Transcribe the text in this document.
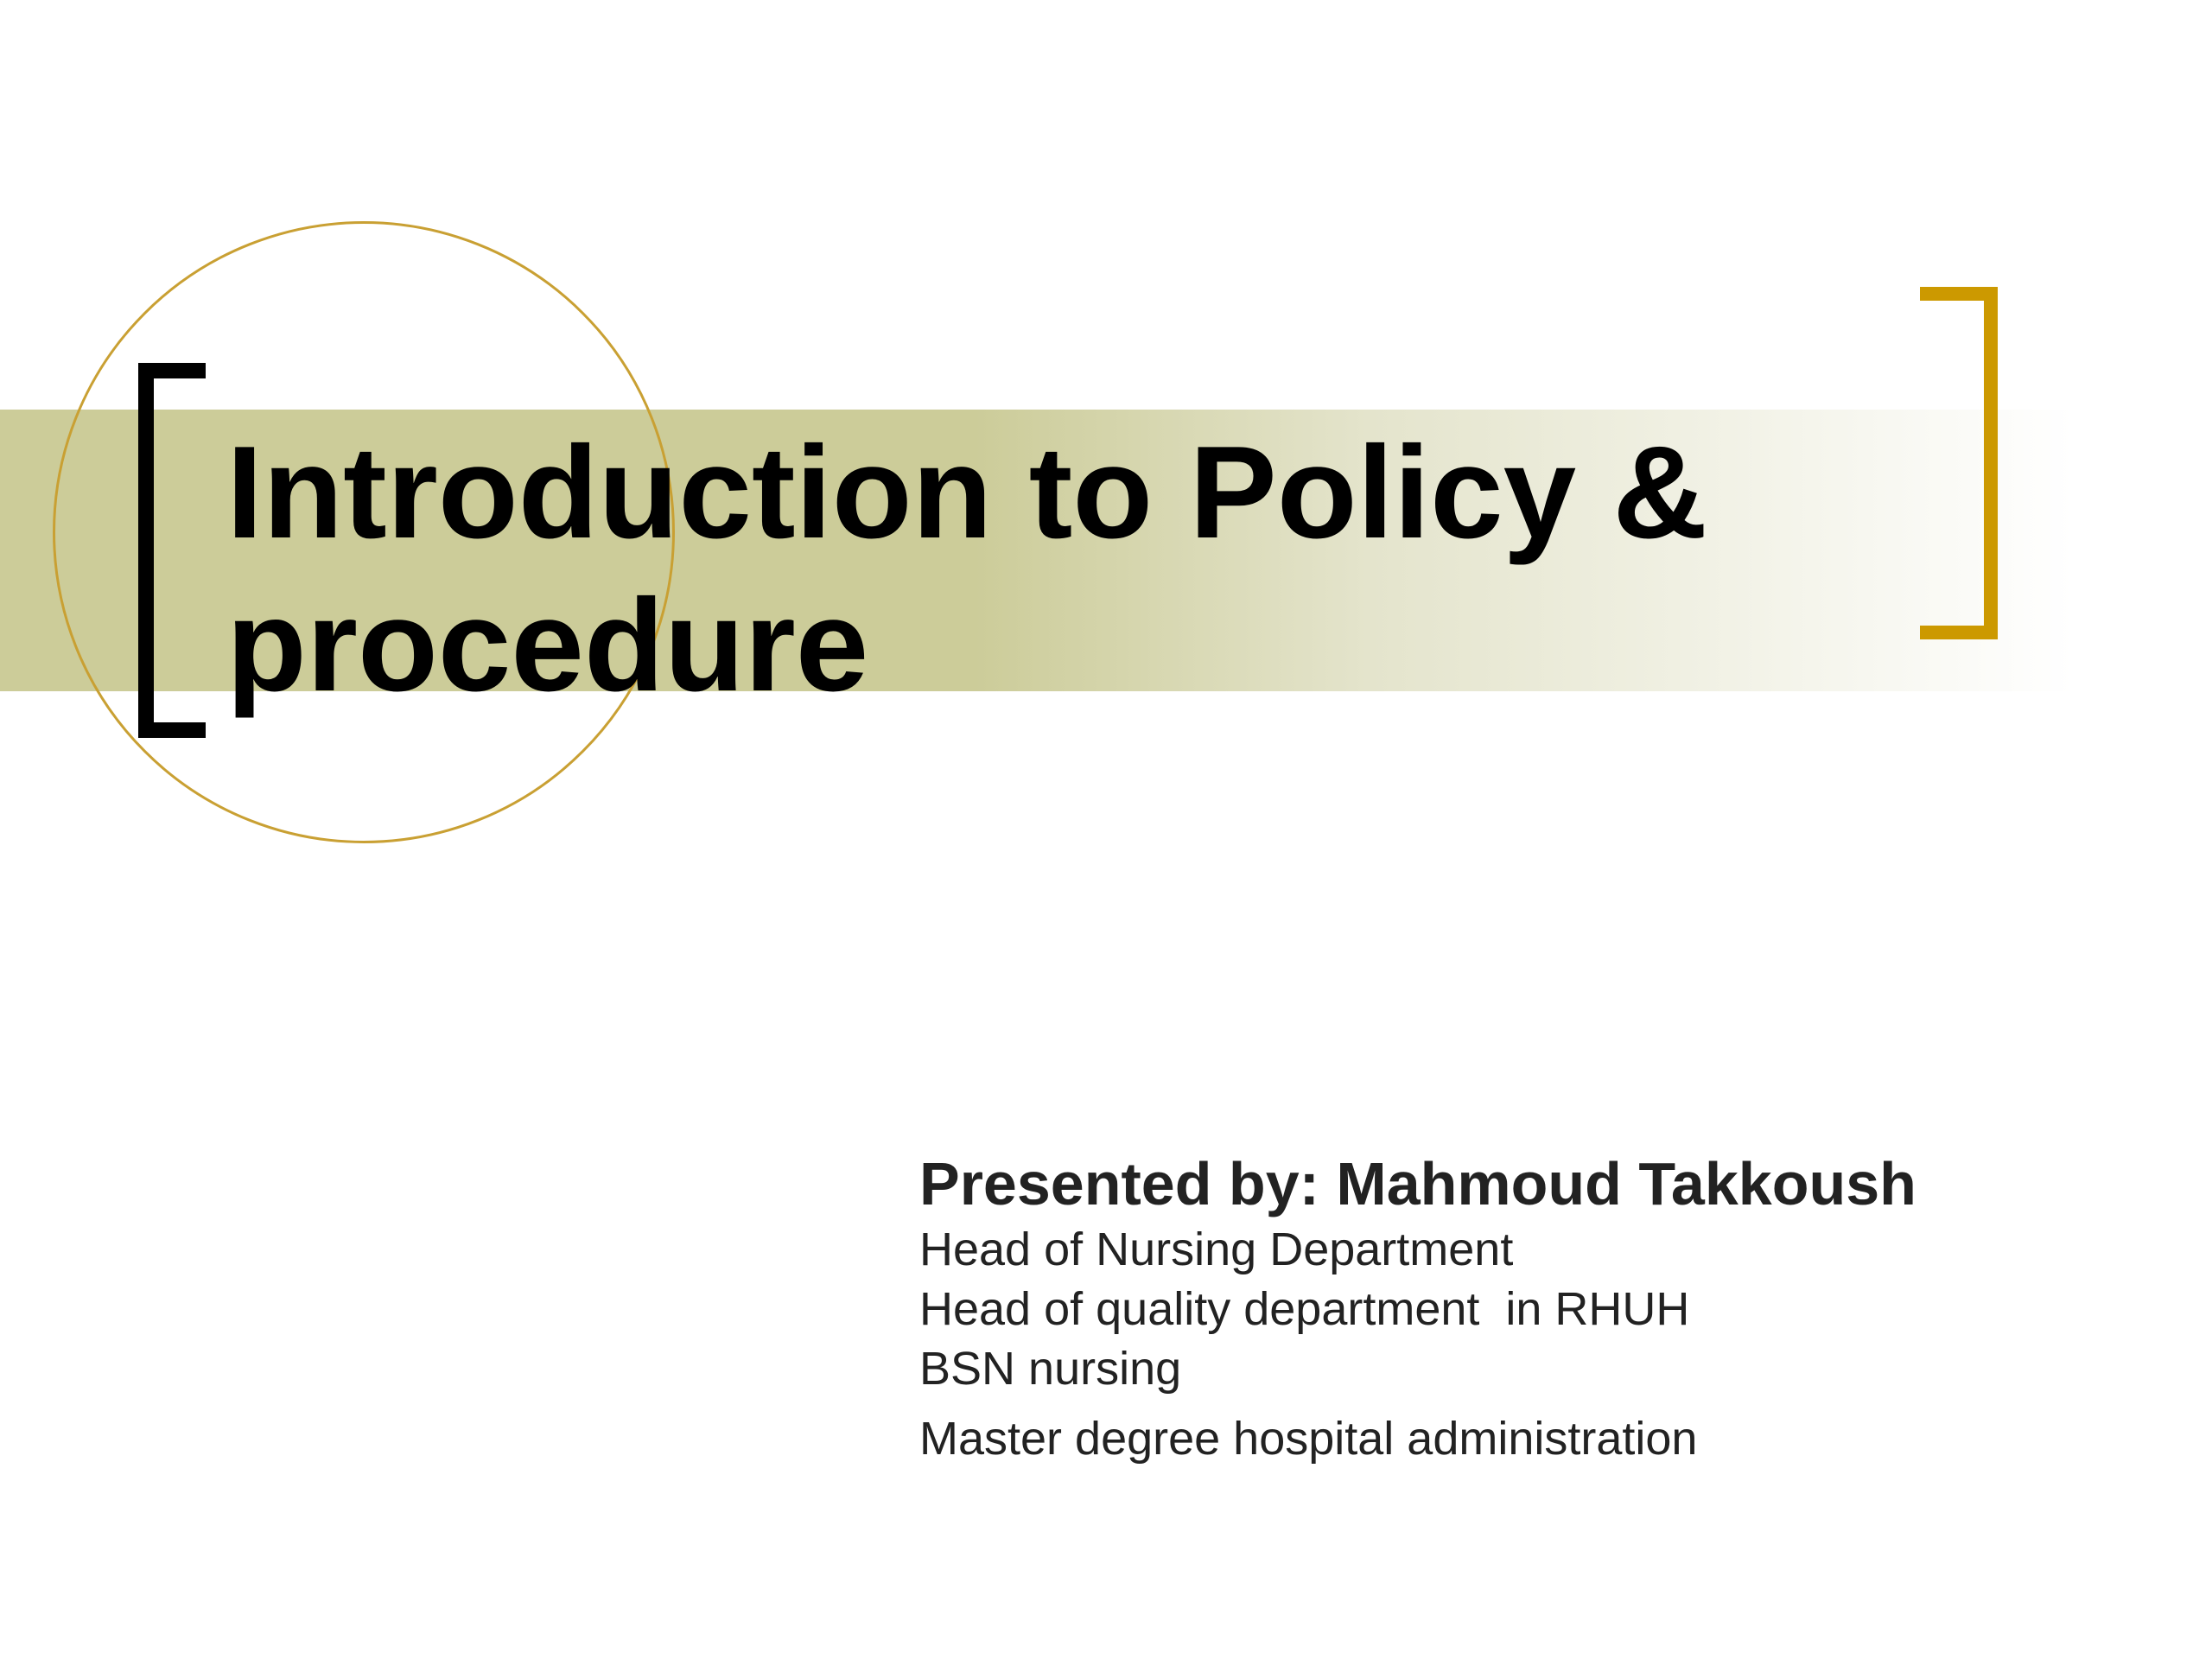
Introduction to Policy &
procedure
Presented by: Mahmoud Takkoush
Head of Nursing Department
Head of quality department  in RHUH
BSN nursing
Master degree hospital administration
